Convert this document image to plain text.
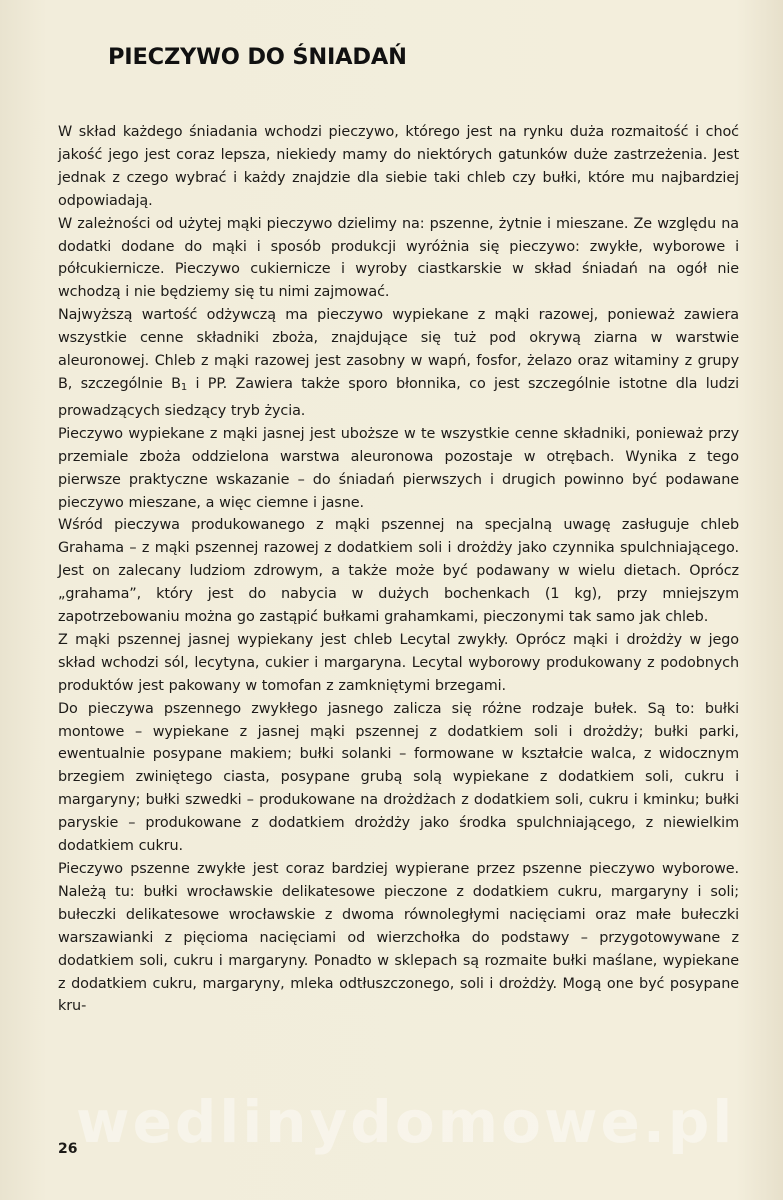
PIECZYWO DO ŚNIADAŃ

W skład każdego śniadania wchodzi pieczywo, którego jest na rynku duża rozmaitość i choć jakość jego jest coraz lepsza, niekiedy mamy do niektórych gatunków duże zastrzeżenia. Jest jednak z czego wybrać i każdy znajdzie dla siebie taki chleb czy bułki, które mu najbardziej odpowiadają.

W zależności od użytej mąki pieczywo dzielimy na: pszenne, żytnie i mieszane. Ze względu na dodatki dodane do mąki i sposób produkcji wyróżnia się pieczywo: zwykłe, wyborowe i półcukiernicze. Pieczywo cukiernicze i wyroby ciastkarskie w skład śniadań na ogół nie wchodzą i nie będziemy się tu nimi zajmować.

Najwyższą wartość odżywczą ma pieczywo wypiekane z mąki razowej, ponieważ zawiera wszystkie cenne składniki zboża, znajdujące się tuż pod okrywą ziarna w warstwie aleuronowej. Chleb z mąki razowej jest zasobny w wapń, fosfor, żelazo oraz witaminy z grupy B, szczególnie $B_1$ i PP. Zawiera także sporo błonnika, co jest szczególnie istotne dla ludzi prowadzących siedzący tryb życia.

Pieczywo wypiekane z mąki jasnej jest uboższe w te wszystkie cenne składniki, ponieważ przy przemiale zboża oddzielona warstwa aleuronowa pozostaje w otrębach. Wynika z tego pierwsze praktyczne wskazanie – do śniadań pierwszych i drugich powinno być podawane pieczywo mieszane, a więc ciemne i jasne.

Wśród pieczywa produkowanego z mąki pszennej na specjalną uwagę zasługuje chleb Grahama – z mąki pszennej razowej z dodatkiem soli i drożdży jako czynnika spulchniającego. Jest on zalecany ludziom zdrowym, a także może być podawany w wielu dietach. Oprócz „grahama”, który jest do nabycia w dużych bochenkach (1 kg), przy mniejszym zapotrzebowaniu można go zastąpić bułkami grahamkami, pieczonymi tak samo jak chleb.

Z mąki pszennej jasnej wypiekany jest chleb Lecytal zwykły. Oprócz mąki i drożdży w jego skład wchodzi sól, lecytyna, cukier i margaryna. Lecytal wyborowy produkowany z podobnych produktów jest pakowany w tomofan z zamkniętymi brzegami.

Do pieczywa pszennego zwykłego jasnego zalicza się różne rodzaje bułek. Są to: bułki montowe – wypiekane z jasnej mąki pszennej z dodatkiem soli i drożdży; bułki parki, ewentualnie posypane makiem; bułki solanki – formowane w kształcie walca, z widocznym brzegiem zwiniętego ciasta, posypane grubą solą wypiekane z dodatkiem soli, cukru i margaryny; bułki szwedki – produkowane na drożdżach z dodatkiem soli, cukru i kminku; bułki paryskie – produkowane z dodatkiem drożdży jako środka spulchniającego, z niewielkim dodatkiem cukru.

Pieczywo pszenne zwykłe jest coraz bardziej wypierane przez pszenne pieczywo wyborowe. Należą tu: bułki wrocławskie delikatesowe pieczone z dodatkiem cukru, margaryny i soli; bułeczki delikatesowe wrocławskie z dwoma równoległymi nacięciami oraz małe bułeczki warszawianki z pięcioma nacięciami od wierzchołka do podstawy – przygotowywane z dodatkiem soli, cukru i margaryny. Ponadto w sklepach są rozmaite bułki maślane, wypiekane z dodatkiem cukru, margaryny, mleka odtłuszczonego, soli i drożdży. Mogą one być posypane kru-

wedlinydomowe.pl
26
